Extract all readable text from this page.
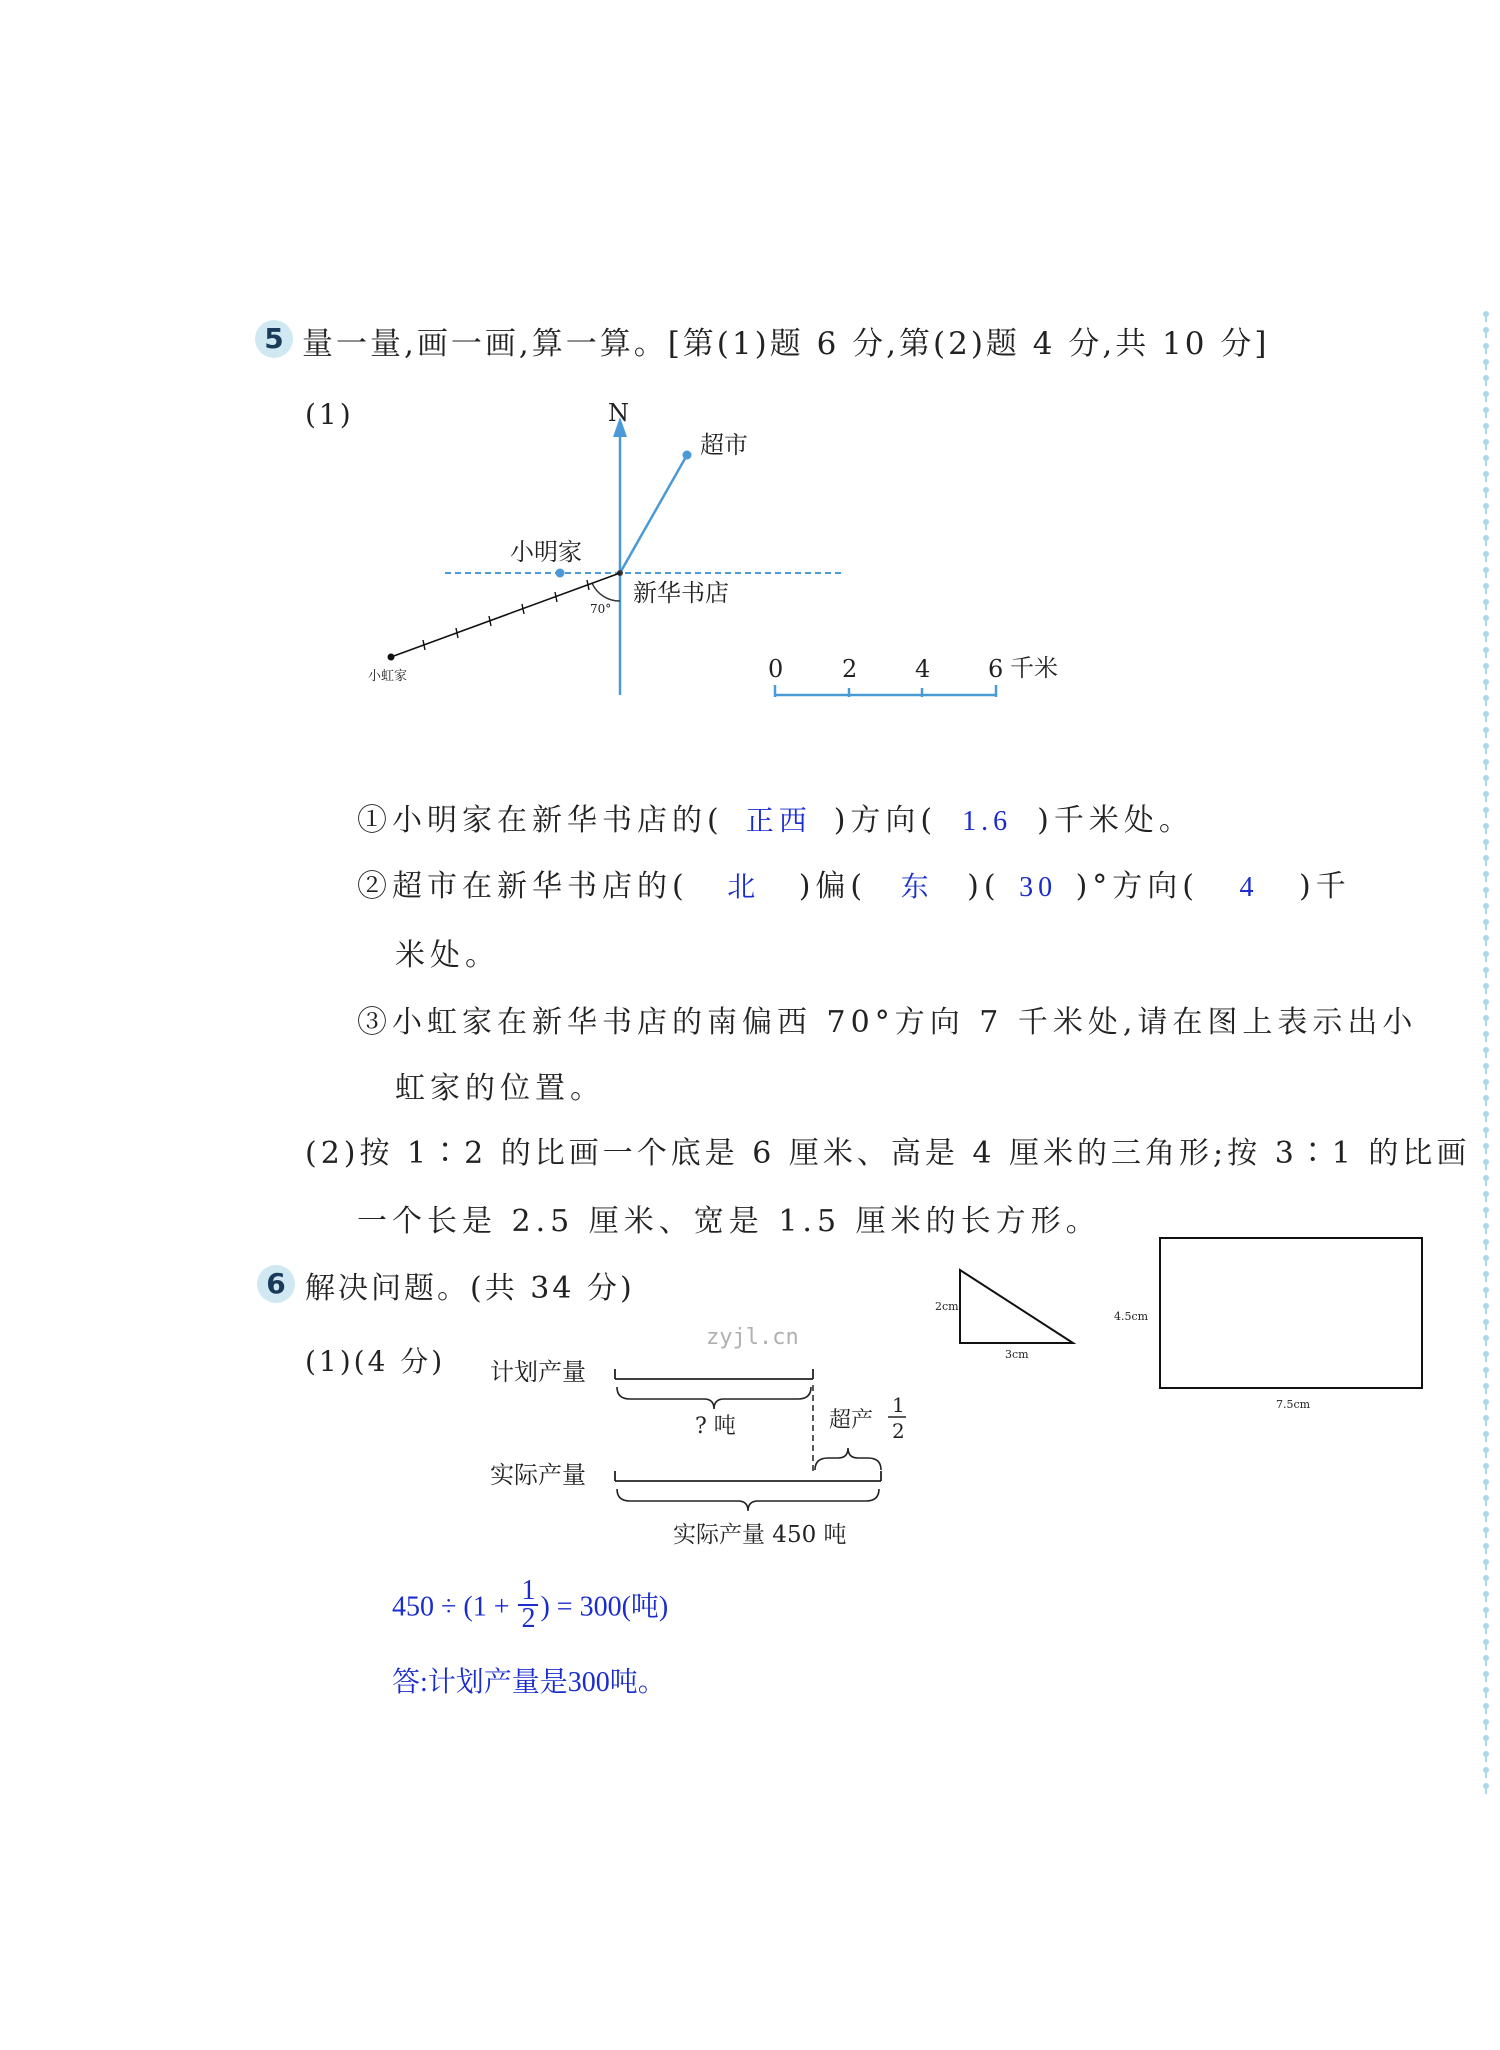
5 量一量,画一画,算一算。[第(1)题 6 分,第(2)题 4 分,共 10 分]
(1)	N
超市
小明家
新华书店
70°
小虹家	0 2 4 6 千米
①小明家在新华书店的( 正西 )方向( 1.6 )千米处。
②超市在新华书店的( 北 )偏( 东 )( 30 )°方向( 4 )千
米处。
③小虹家在新华书店的南偏西 70°方向 7 千米处,请在图上表示出小
虹家的位置。
(2)按 1∶2 的比画一个底是 6 厘米、高是 4 厘米的三角形;按 3∶1 的比画
一个长是 2.5 厘米、宽是 1.5 厘米的长方形。
2cm
3cm
4.5cm
7.5cm
6 解决问题。(共 34 分)
(1)(4 分)
zyjl.cn
计划产量
? 吨	超产
1
2
实际产量
实际产量 450 吨
$450 \div (1 + \frac{1}{2}$ ) = 300(吨)
答:计划产量是300吨。
